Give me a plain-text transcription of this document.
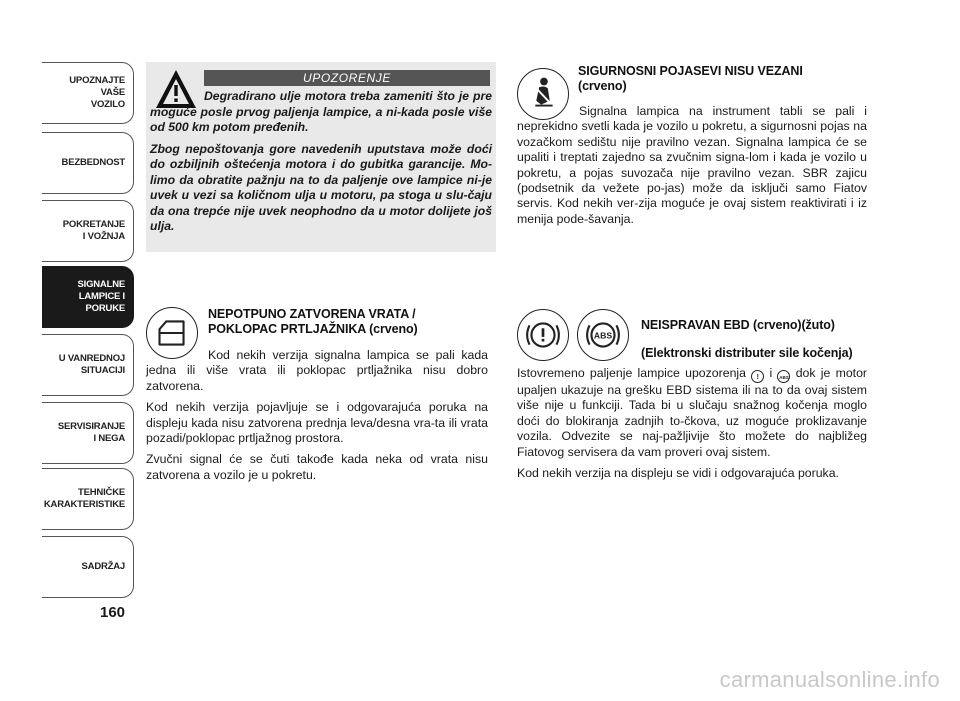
UPOZNAJTE
VAŠE
VOZILO
BEZBEDNOST
POKRETANJE
I VOŽNJA
SIGNALNE
LAMPICE I PORUKE
U VANREDNOJ
SITUACIJI
SERVISIRANJE
I NEGA
TEHNIČKE
KARAKTERISTIKE
SADRŽAJ
160
UPOZORENJE

Degradirano ulje motora treba zameniti što je pre moguće posle prvog paljenja lampice, a ni-kada posle više od 500 km potom pređenih.

Zbog nepoštovanja gore navedenih uputstava može doći do ozbiljnih oštećenja motora i do gubitka garancije. Mo-limo da obratite pažnju na to da paljenje ove lampice ni-je uvek u vezi sa količnom ulja u motoru, pa stoga u slu-čaju da ona trepće nije uvek neophodno da u motor dolijete još ulja.

NEPOTPUNO ZATVORENA VRATA /
POKLOPAC PRTLJAŽNIKA (crveno)

Kod nekih verzija signalna lampica se pali kada jedna ili više vrata ili poklopac prtljažnika nisu dobro zatvorena.

Kod nekih verzija pojavljuje se i odgovarajuća poruka na displeju kada nisu zatvorena prednja leva/desna vra-ta ili vrata pozadi/poklopac prtljažnog prostora.

Zvučni signal će se čuti takođe kada neka od vrata nisu zatvorena a vozilo je u pokretu.

SIGURNOSNI POJASEVI NISU VEZANI
(crveno)

Signalna lampica na instrument tabli se pali i neprekidno svetli kada je vozilo u pokretu, a sigurnosni pojas na vozačkom sedištu nije pravilno vezan. Signalna lampica će se upaliti i treptati zajedno sa zvučnim signa-lom i kada je vozilo u pokretu, a pojas suvozača nije pravilno vezan. SBR zajicu (podsetnik da vežete po-jas) može da isključi samo Fiatov servis. Kod nekih ver-zija moguće je ovaj sistem reaktivirati i iz menija pode-šavanja.

ABS
NEISPRAVAN EBD (crveno)(žuto)
(Elektronski distributer sile kočenja)

Istovremeno paljenje lampice upozorenja ! i ABS dok je motor upaljen ukazuje na grešku EBD sistema ili na to da ovaj sistem više nije u funkciji. Tada bi u slučaju snažnog kočenja moglo doći do blokiranja zadnjih to-čkova, uz moguće proklizavanje vozila. Odvezite se naj-pažljivije što možete do najbližeg Fiatovog servisera da vam proveri ovaj sistem.

Kod nekih verzija na displeju se vidi i odgovarajuća poruka.

carmanualsonline.info
